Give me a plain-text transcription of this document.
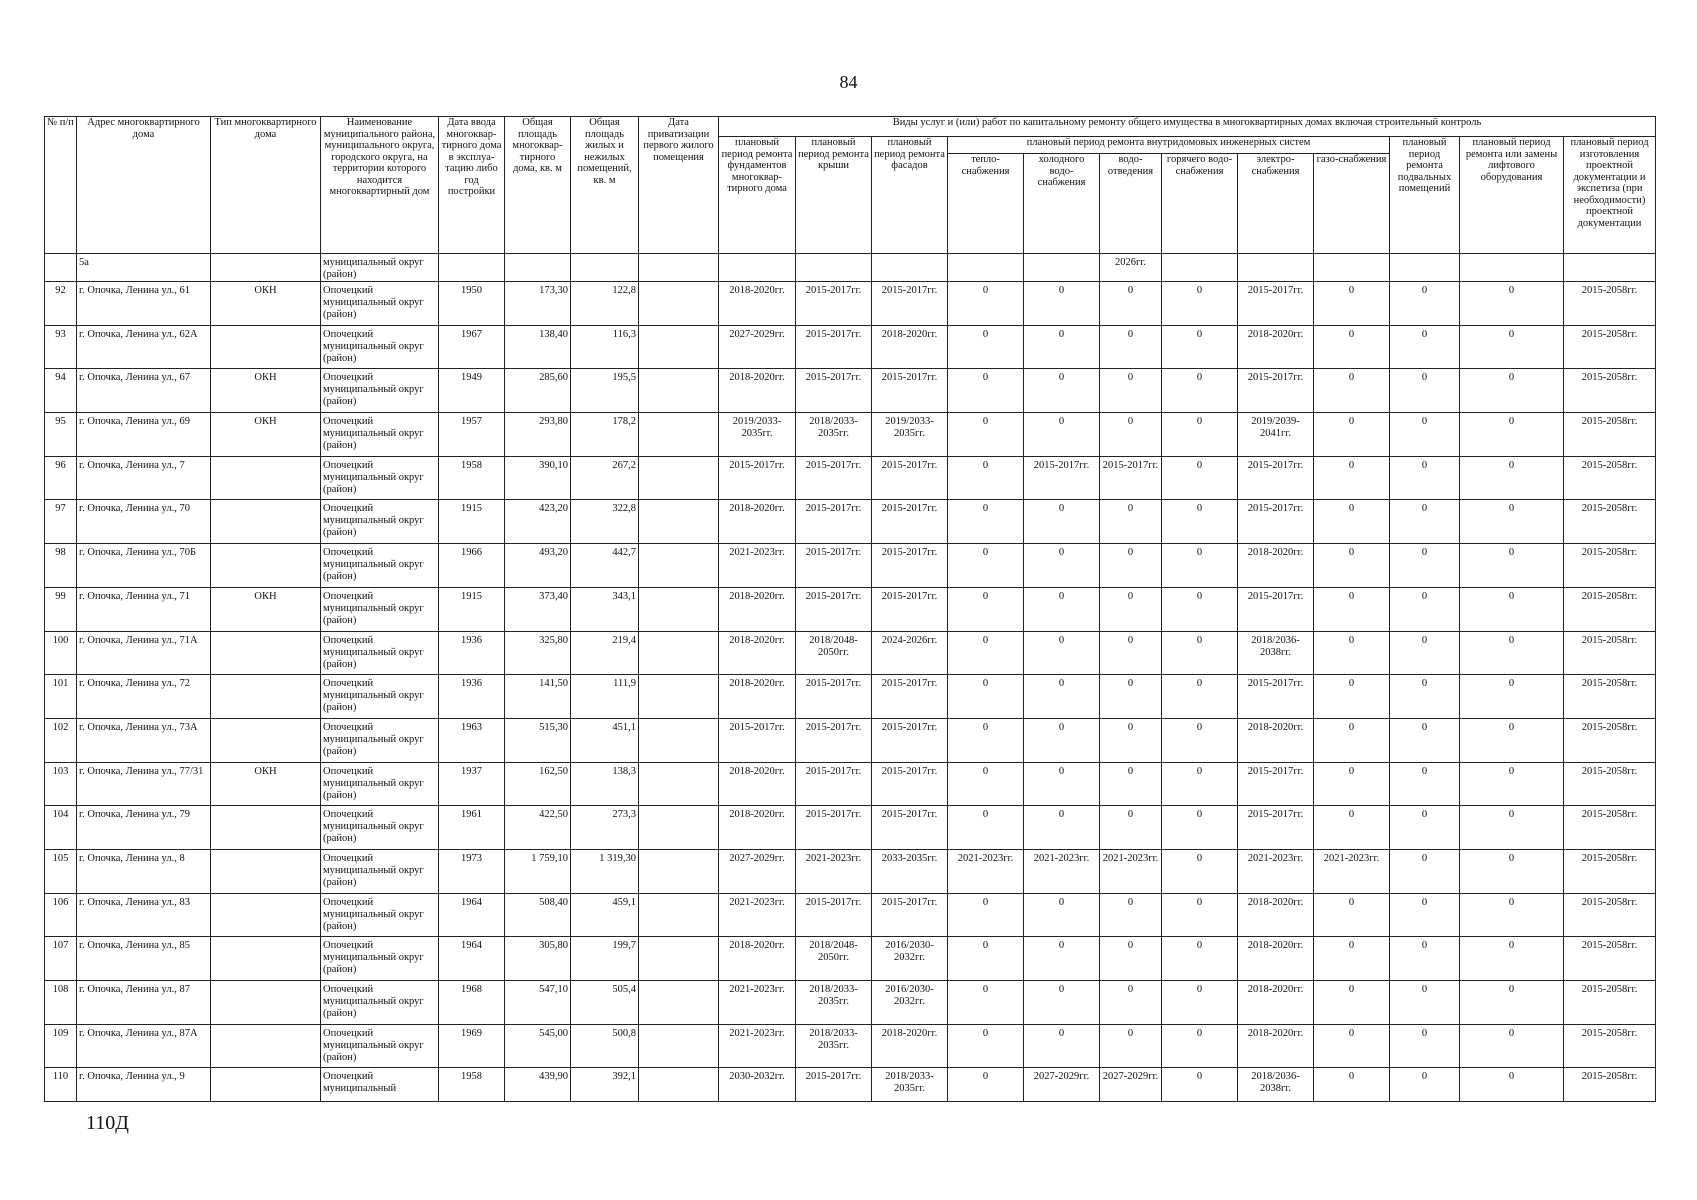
84
№ п/п	Адрес многоквартирного дома	Тип многоквартирного дома	Наименование муниципального района, муниципального округа, городского округа, на территории которого находится многоквартирный дом	Дата ввода многоквар-тирного дома в эксплуа-тацию либо год постройки	Общая площадь многоквар-тирного дома, кв. м	Общая площадь жилых и нежилых помещений, кв. м	Дата приватизации первого жилого помещения	Виды услуг и (или) работ по капитальному ремонту общего имущества в многоквартирных домах включая строительный контроль											
								плановый период ремонта фундаментов многоквар-тирного дома	плановый период ремонта крыши	плановый период ремонта фасадов	плановый период ремонта внутридомовых инженерных систем						плановый период ремонта подвальных помещений	плановый период ремонта или замены лифтового оборудования	плановый период изготовления проектной документации и экспетиза (при необходимости) проектной документации
											тепло-снабжения	холодного водо-снабжения	водо-отведения	горячего водо-снабжения	электро-снабжения	газо-снабжения			
	5а		муниципальный округ (район)										2026гг.						
92	г. Опочка, Ленина ул., 61	ОКН	Опочецкий муниципальный округ (район)	1950	173,30	122,8		2018-2020гг.	2015-2017гг.	2015-2017гг.	0	0	0	0	2015-2017гг.	0	0	0	2015-2058гг.
93	г. Опочка, Ленина ул., 62А		Опочецкий муниципальный округ (район)	1967	138,40	116,3		2027-2029гг.	2015-2017гг.	2018-2020гг.	0	0	0	0	2018-2020гг.	0	0	0	2015-2058гг.
94	г. Опочка, Ленина ул., 67	ОКН	Опочецкий муниципальный округ (район)	1949	285,60	195,5		2018-2020гг.	2015-2017гг.	2015-2017гг.	0	0	0	0	2015-2017гг.	0	0	0	2015-2058гг.
95	г. Опочка, Ленина ул., 69	ОКН	Опочецкий муниципальный округ (район)	1957	293,80	178,2		2019/2033-2035гг.	2018/2033-2035гг.	2019/2033-2035гг.	0	0	0	0	2019/2039-2041гг.	0	0	0	2015-2058гг.
96	г. Опочка, Ленина ул., 7		Опочецкий муниципальный округ (район)	1958	390,10	267,2		2015-2017гг.	2015-2017гг.	2015-2017гг.	0	2015-2017гг.	2015-2017гг.	0	2015-2017гг.	0	0	0	2015-2058гг.
97	г. Опочка, Ленина ул., 70		Опочецкий муниципальный округ (район)	1915	423,20	322,8		2018-2020гг.	2015-2017гг.	2015-2017гг.	0	0	0	0	2015-2017гг.	0	0	0	2015-2058гг.
98	г. Опочка, Ленина ул., 70Б		Опочецкий муниципальный округ (район)	1966	493,20	442,7		2021-2023гг.	2015-2017гг.	2015-2017гг.	0	0	0	0	2018-2020гг.	0	0	0	2015-2058гг.
99	г. Опочка, Ленина ул., 71	ОКН	Опочецкий муниципальный округ (район)	1915	373,40	343,1		2018-2020гг.	2015-2017гг.	2015-2017гг.	0	0	0	0	2015-2017гг.	0	0	0	2015-2058гг.
100	г. Опочка, Ленина ул., 71А		Опочецкий муниципальный округ (район)	1936	325,80	219,4		2018-2020гг.	2018/2048-2050гг.	2024-2026гг.	0	0	0	0	2018/2036-2038гг.	0	0	0	2015-2058гг.
101	г. Опочка, Ленина ул., 72		Опочецкий муниципальный округ (район)	1936	141,50	111,9		2018-2020гг.	2015-2017гг.	2015-2017гг.	0	0	0	0	2015-2017гг.	0	0	0	2015-2058гг.
102	г. Опочка, Ленина ул., 73А		Опочецкий муниципальный округ (район)	1963	515,30	451,1		2015-2017гг.	2015-2017гг.	2015-2017гг.	0	0	0	0	2018-2020гг.	0	0	0	2015-2058гг.
103	г. Опочка, Ленина ул., 77/31	ОКН	Опочецкий муниципальный округ (район)	1937	162,50	138,3		2018-2020гг.	2015-2017гг.	2015-2017гг.	0	0	0	0	2015-2017гг.	0	0	0	2015-2058гг.
104	г. Опочка, Ленина ул., 79		Опочецкий муниципальный округ (район)	1961	422,50	273,3		2018-2020гг.	2015-2017гг.	2015-2017гг.	0	0	0	0	2015-2017гг.	0	0	0	2015-2058гг.
105	г. Опочка, Ленина ул., 8		Опочецкий муниципальный округ (район)	1973	1 759,10	1 319,30		2027-2029гг.	2021-2023гг.	2033-2035гг.	2021-2023гг.	2021-2023гг.	2021-2023гг.	0	2021-2023гг.	2021-2023гг.	0	0	2015-2058гг.
106	г. Опочка, Ленина ул., 83		Опочецкий муниципальный округ (район)	1964	508,40	459,1		2021-2023гг.	2015-2017гг.	2015-2017гг.	0	0	0	0	2018-2020гг.	0	0	0	2015-2058гг.
107	г. Опочка, Ленина ул., 85		Опочецкий муниципальный округ (район)	1964	305,80	199,7		2018-2020гг.	2018/2048-2050гг.	2016/2030-2032гг.	0	0	0	0	2018-2020гг.	0	0	0	2015-2058гг.
108	г. Опочка, Ленина ул., 87		Опочецкий муниципальный округ (район)	1968	547,10	505,4		2021-2023гг.	2018/2033-2035гг.	2016/2030-2032гг.	0	0	0	0	2018-2020гг.	0	0	0	2015-2058гг.
109	г. Опочка, Ленина ул., 87А		Опочецкий муниципальный округ (район)	1969	545,00	500,8		2021-2023гг.	2018/2033-2035гг.	2018-2020гг.	0	0	0	0	2018-2020гг.	0	0	0	2015-2058гг.
110	г. Опочка, Ленина ул., 9		Опочецкий муниципальный	1958	439,90	392,1		2030-2032гг.	2015-2017гг.	2018/2033-2035гг.	0	2027-2029гг.	2027-2029гг.	0	2018/2036-2038гг.	0	0	0	2015-2058гг.
110Д
